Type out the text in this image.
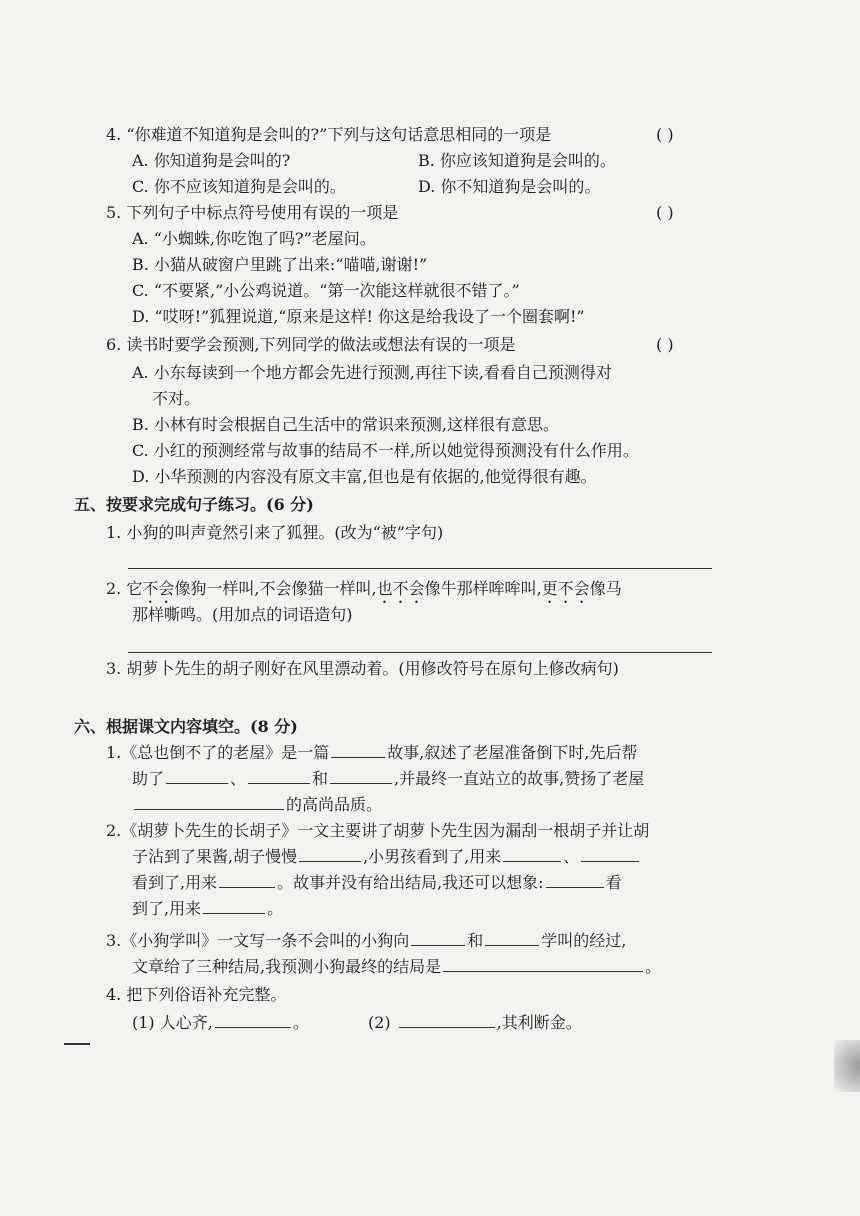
4. “你难道不知道狗是会叫的?”下列与这句话意思相同的一项是	( )
A. 你知道狗是会叫的?	B. 你应该知道狗是会叫的。
C. 你不应该知道狗是会叫的。	D. 你不知道狗是会叫的。
5. 下列句子中标点符号使用有误的一项是	( )
A. “小蜘蛛,你吃饱了吗?”老屋问。
B. 小猫从破窗户里跳了出来:“喵喵,谢谢!”
C. “不要紧,”小公鸡说道。“第一次能这样就很不错了。”
D. “哎呀!”狐狸说道,“原来是这样! 你这是给我设了一个圈套啊!”
6. 读书时要学会预测,下列同学的做法或想法有误的一项是	( )
A. 小东每读到一个地方都会先进行预测,再往下读,看看自己预测得对
不对。
B. 小林有时会根据自己生活中的常识来预测,这样很有意思。
C. 小红的预测经常与故事的结局不一样,所以她觉得预测没有什么作用。
D. 小华预测的内容没有原文丰富,但也是有依据的,他觉得很有趣。
五、按要求完成句子练习。(6 分)
1. 小狗的叫声竟然引来了狐狸。(改为“被”字句)
2. 它不会像狗一样叫,不会像猫一样叫,也不会像牛那样哞哞叫,更不会像马
那样嘶鸣。(用加点的词语造句)
3. 胡萝卜先生的胡子刚好在风里漂动着。(用修改符号在原句上修改病句)
六、根据课文内容填空。(8 分)
1.《总也倒不了的老屋》是一篇	故事,叙述了老屋准备倒下时,先后帮
助了	、	和	,并最终一直站立的故事,赞扬了老屋
的高尚品质。
2.《胡萝卜先生的长胡子》一文主要讲了胡萝卜先生因为漏刮一根胡子并让胡
子沾到了果酱,胡子慢慢	,小男孩看到了,用来	、
看到了,用来	。故事并没有给出结局,我还可以想象:	看
到了,用来	。
3.《小狗学叫》一文写一条不会叫的小狗向	和	学叫的经过,
文章给了三种结局,我预测小狗最终的结局是	。
4. 把下列俗语补充完整。
(1) 人心齐,	。	(2)	,其利断金。
